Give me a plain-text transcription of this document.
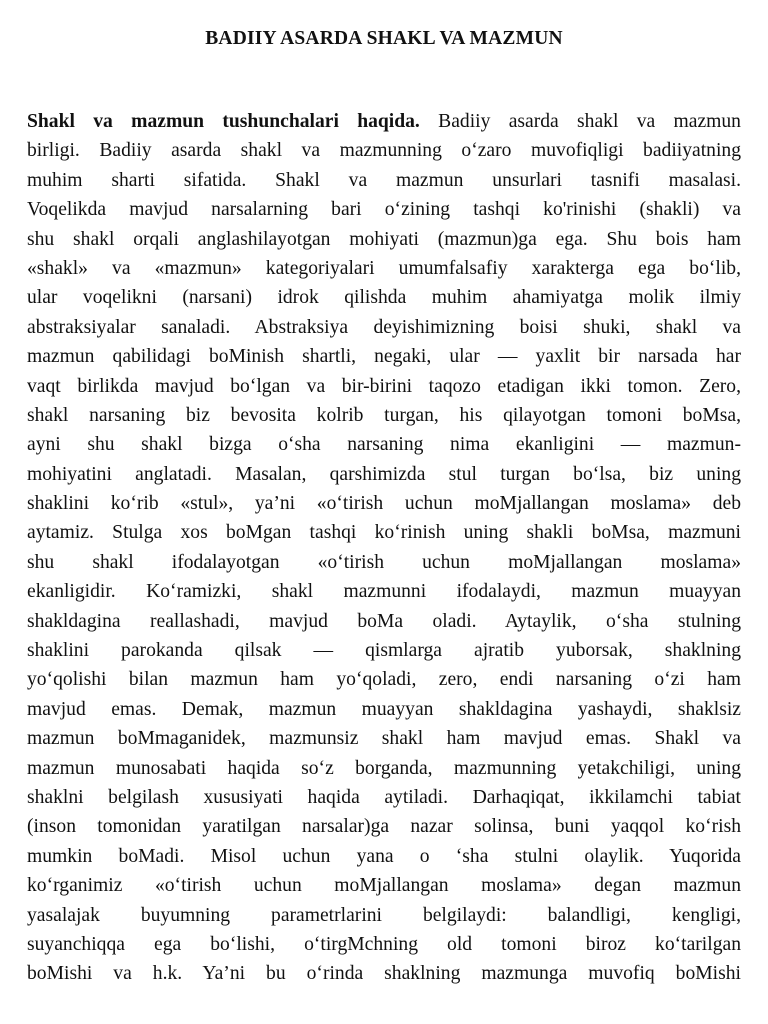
BADIIY ASARDA SHAKL VA MAZMUN
Shakl va mazmun tushunchalari haqida. Badiiy asarda shakl va mazmun
birligi. Badiiy asarda shakl va mazmunning o‘zaro muvofiqligi badiiyatning
muhim sharti sifatida. Shakl va mazmun unsurlari tasnifi masalasi.
Voqelikda mavjud narsalarning bari o‘zining tashqi ko'rinishi (shakli) va
shu shakl orqali anglashilayotgan mohiyati (mazmun)ga ega. Shu bois ham
«shakl» va «mazmun» kategoriyalari umumfalsafiy xarakterga ega bo‘lib,
ular voqelikni (narsani) idrok qilishda muhim ahamiyatga molik ilmiy
abstraksiyalar sanaladi. Abstraksiya deyishimizning boisi shuki, shakl va
mazmun qabilidagi boMinish shartli, negaki, ular — yaxlit bir narsada har
vaqt birlikda mavjud bo‘lgan va bir-birini taqozo etadigan ikki tomon. Zero,
shakl narsaning biz bevosita kolrib turgan, his qilayotgan tomoni boMsa,
ayni shu shakl bizga o‘sha narsaning nima ekanligini — mazmun-
mohiyatini anglatadi. Masalan, qarshimizda stul turgan bo‘lsa, biz uning
shaklini ko‘rib «stul», ya’ni «o‘tirish uchun moMjallangan moslama» deb
aytamiz. Stulga xos boMgan tashqi ko‘rinish uning shakli boMsa, mazmuni
shu shakl ifodalayotgan «o‘tirish uchun moMjallangan moslama»
ekanligidir. Ko‘ramizki, shakl mazmunni ifodalaydi, mazmun muayyan
shakldagina reallashadi, mavjud boMa oladi. Aytaylik, o‘sha stulning
shaklini parokanda qilsak — qismlarga ajratib yuborsak, shaklning
yo‘qolishi bilan mazmun ham yo‘qoladi, zero, endi narsaning o‘zi ham
mavjud emas. Demak, mazmun muayyan shakldagina yashaydi, shaklsiz
mazmun boMmaganidek, mazmunsiz shakl ham mavjud emas. Shakl va
mazmun munosabati haqida so‘z borganda, mazmunning yetakchiligi, uning
shaklni belgilash xususiyati haqida aytiladi. Darhaqiqat, ikkilamchi tabiat
(inson tomonidan yaratilgan narsalar)ga nazar solinsa, buni yaqqol ko‘rish
mumkin boMadi. Misol uchun yana o ‘sha stulni olaylik. Yuqorida
ko‘rganimiz «o‘tirish uchun moMjallangan moslama» degan mazmun
yasalajak buyumning parametrlarini belgilaydi: balandligi, kengligi,
suyanchiqqa ega bo‘lishi, o‘tirgMchning old tomoni biroz ko‘tarilgan
boMishi va h.k. Ya’ni bu o‘rinda shaklning mazmunga muvofiq boMishi
